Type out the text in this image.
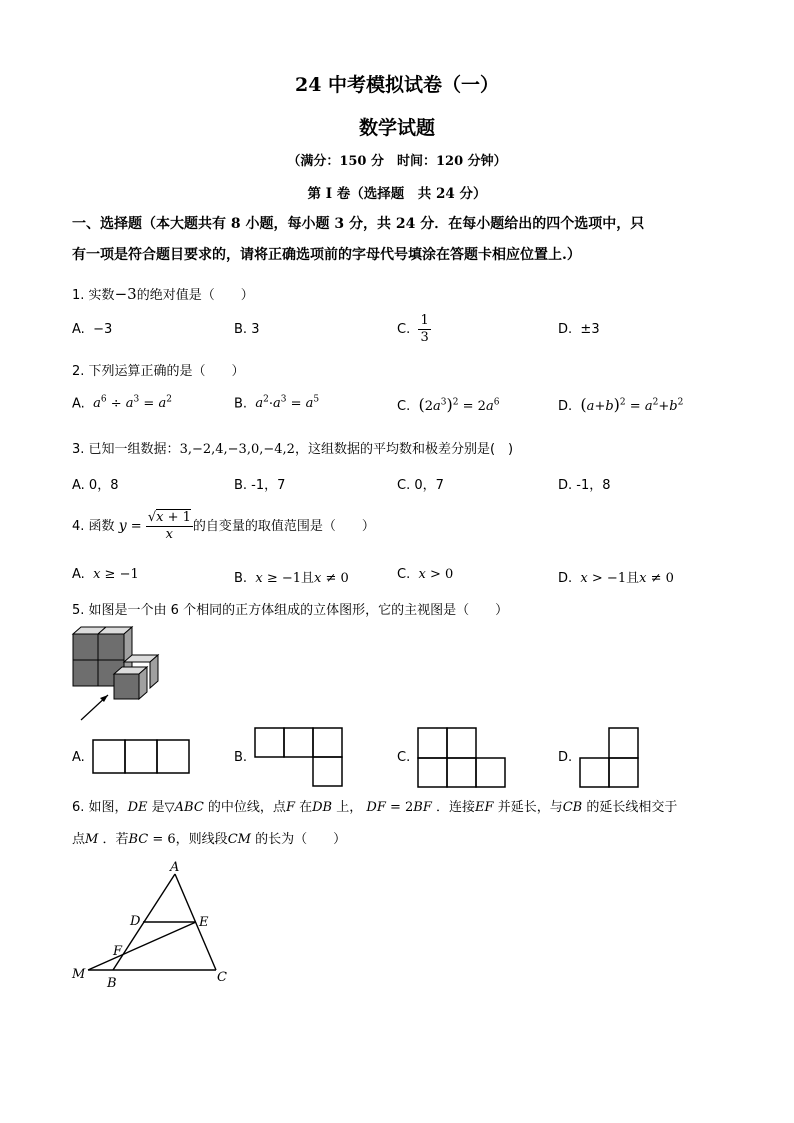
24 中考模拟试卷（一）
数学试题
（满分：150 分　时间：120 分钟）
第 I 卷（选择题　共 24 分）
一、选择题（本大题共有 8 小题，每小题 3 分，共 24 分．在每小题给出的四个选项中，只
有一项是符合题目要求的，请将正确选项前的字母代号填涂在答题卡相应位置上.）
1. 实数−3的绝对值是（　　）
A. −3	B. 3	C. $\frac{1}{3}$	D. ±3
2. 下列运算正确的是（　　）
A. $a^6 \div a^3 = a^2$	B. $a^2\cdot a^3 = a^5$	C. $(2a^3)^2 = 2a^6$	D. $(a+b)^2 = a^2+b^2$
3. 已知一组数据：3,−2,4,−3,0,−4,2，这组数据的平均数和极差分别是(　)
A. 0，8	B. -1，7	C. 0，7	D. -1，8
4. 函数 $y = \frac{√x + 1}{x}$ 的自变量的取值范围是（　　）
A. x ≥ −1	B. x ≥ −1且x ≠ 0	C. x > 0	D. x > −1且x ≠ 0
5. 如图是一个由 6 个相同的正方体组成的立体图形，它的主视图是（　　）
A.	B.	C.	D.
6. 如图，DE 是▽ABC 的中位线，点F 在DB 上， DF = 2BF ．连接EF 并延长，与CB 的延长线相交于
点M ．若BC = 6，则线段CM 的长为（　　）
A
D	E
F
M
B	C
